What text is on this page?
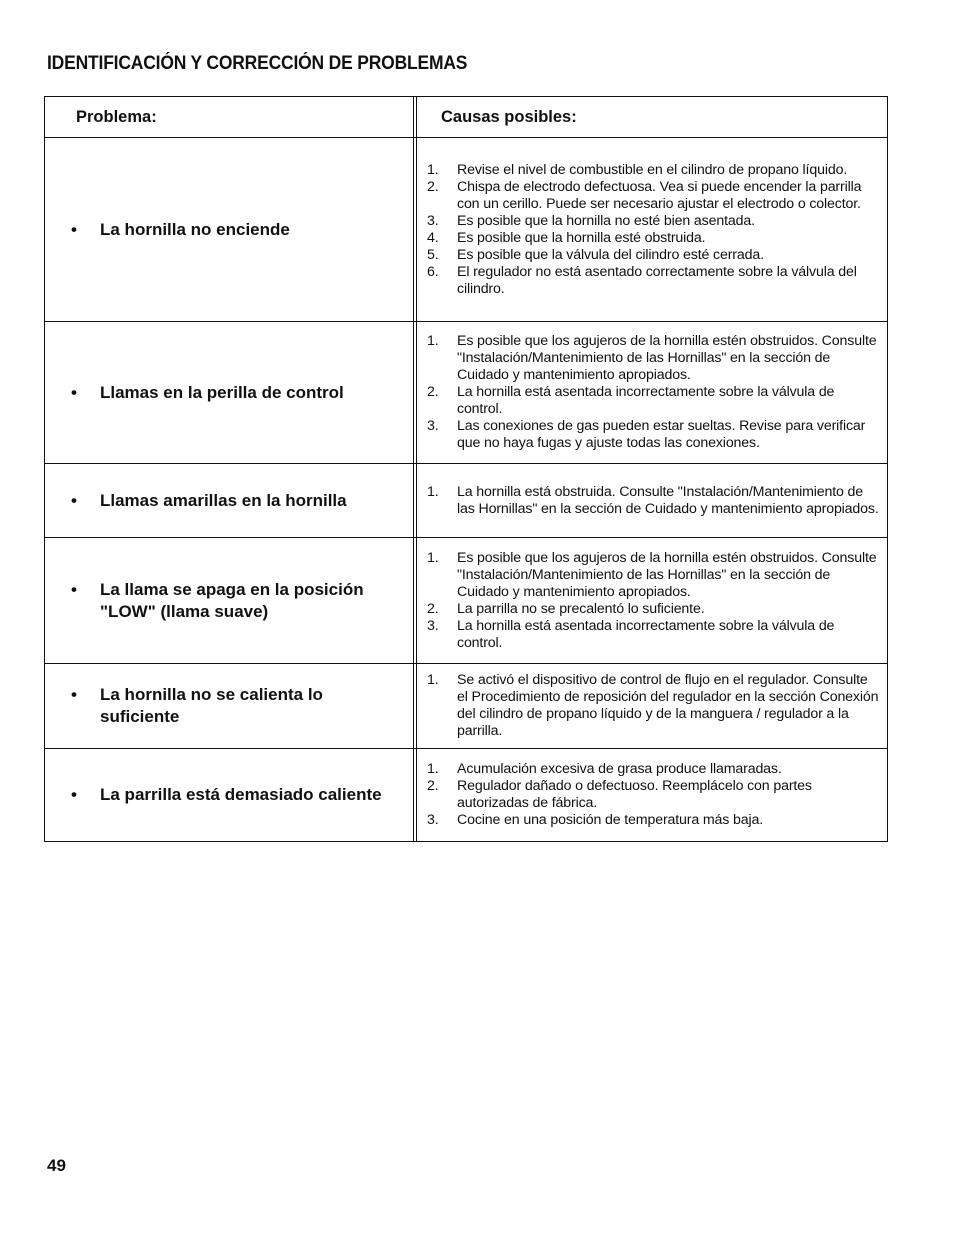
IDENTIFICACIÓN Y CORRECCIÓN DE PROBLEMAS
Problema:	Causas posibles:
•	La hornilla no enciende
1.	Revise el nivel de combustible en el cilindro de propano líquido.
2.	Chispa de electrodo defectuosa. Vea si puede encender la parrilla con un cerillo. Puede ser necesario ajustar el electrodo o colector.
3.	Es posible que la hornilla no esté bien asentada.
4.	Es posible que la hornilla esté obstruida.
5.	Es posible que la válvula del cilindro esté cerrada.
6.	El regulador no está asentado correctamente sobre la válvula del cilindro.
•	Llamas en la perilla de control
1.	Es posible que los agujeros de la hornilla estén obstruidos. Consulte "Instalación/Mantenimiento de las Hornillas" en la sección de Cuidado y mantenimiento apropiados.
2.	La hornilla está asentada incorrectamente sobre la válvula de control.
3.	Las conexiones de gas pueden estar sueltas. Revise para verificar que no haya fugas y ajuste todas las conexiones.
•	Llamas amarillas en la hornilla	1.	La hornilla está obstruida. Consulte "Instalación/Mantenimiento de las Hornillas" en la sección de Cuidado y mantenimiento apropiados.
•	La llama se apaga en la posición "LOW" (llama suave)
1.	Es posible que los agujeros de la hornilla estén obstruidos. Consulte "Instalación/Mantenimiento de las Hornillas" en la sección de Cuidado y mantenimiento apropiados.
2.	La parrilla no se precalentó lo suficiente.
3.	La hornilla está asentada incorrectamente sobre la válvula de control.
•	La hornilla no se calienta lo suficiente
1.	Se activó el dispositivo de control de flujo en el regulador. Consulte el Procedimiento de reposición del regulador en la sección Conexión del cilindro de propano líquido y de la manguera / regulador a la parrilla.
•	La parrilla está demasiado caliente
1.	Acumulación excesiva de grasa produce llamaradas.
2.	Regulador dañado o defectuoso. Reemplácelo con partes autorizadas de fábrica.
3.	Cocine en una posición de temperatura más baja.
49
